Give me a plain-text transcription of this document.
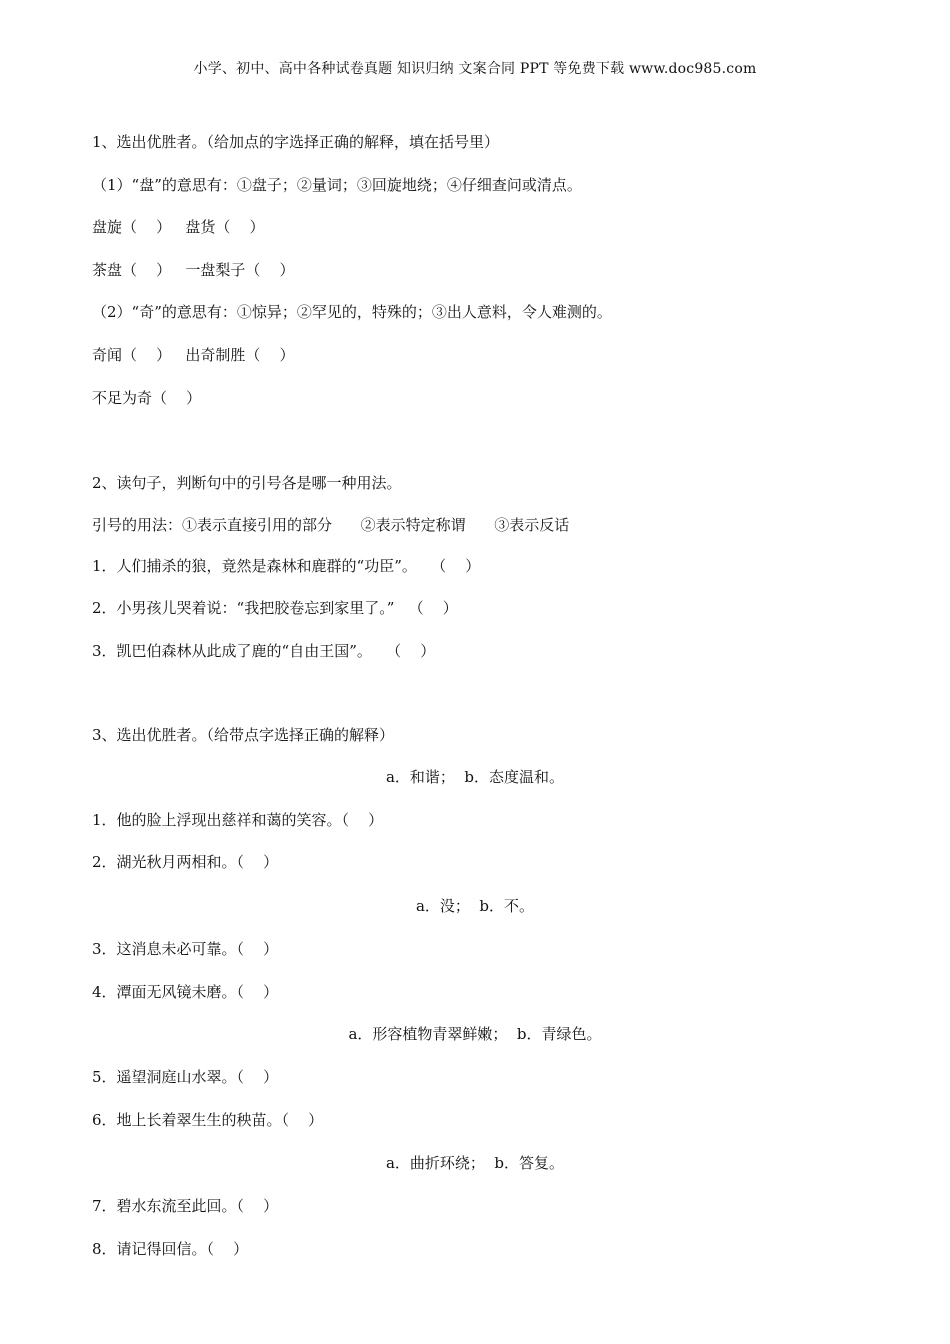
小学、初中、高中各种试卷真题 知识归纳 文案合同 PPT 等免费下载 www.doc985.com
1、选出优胜者。（给加点的字选择正确的解释，填在括号里）
（1）“盘”的意思有：①盘子；②量词；③回旋地绕；④仔细查问或清点。
盘旋（    ）   盘货（    ）
茶盘（    ）   一盘梨子（    ）
（2）“奇”的意思有：①惊异；②罕见的，特殊的；③出人意料，令人难测的。
奇闻（    ）   出奇制胜（    ）
不足为奇（    ）
2、读句子，判断句中的引号各是哪一种用法。
引号的用法：①表示直接引用的部分      ②表示特定称谓      ③表示反话
1．人们捕杀的狼，竟然是森林和鹿群的“功臣”。   （    ）
2．小男孩儿哭着说：“我把胶卷忘到家里了。”   （    ）
3．凯巴伯森林从此成了鹿的“自由王国”。   （    ）
3、选出优胜者。（给带点字选择正确的解释）
a．和谐；  b．态度温和。
1．他的脸上浮现出慈祥和蔼的笑容。（    ）
2．湖光秋月两相和。（    ）
a．没；  b．不。
3．这消息未必可靠。（    ）
4．潭面无风镜未磨。（    ）
a．形容植物青翠鲜嫩；  b．青绿色。
5．遥望洞庭山水翠。（    ）
6．地上长着翠生生的秧苗。（    ）
a．曲折环绕；  b．答复。
7．碧水东流至此回。（    ）
8．请记得回信。（    ）
